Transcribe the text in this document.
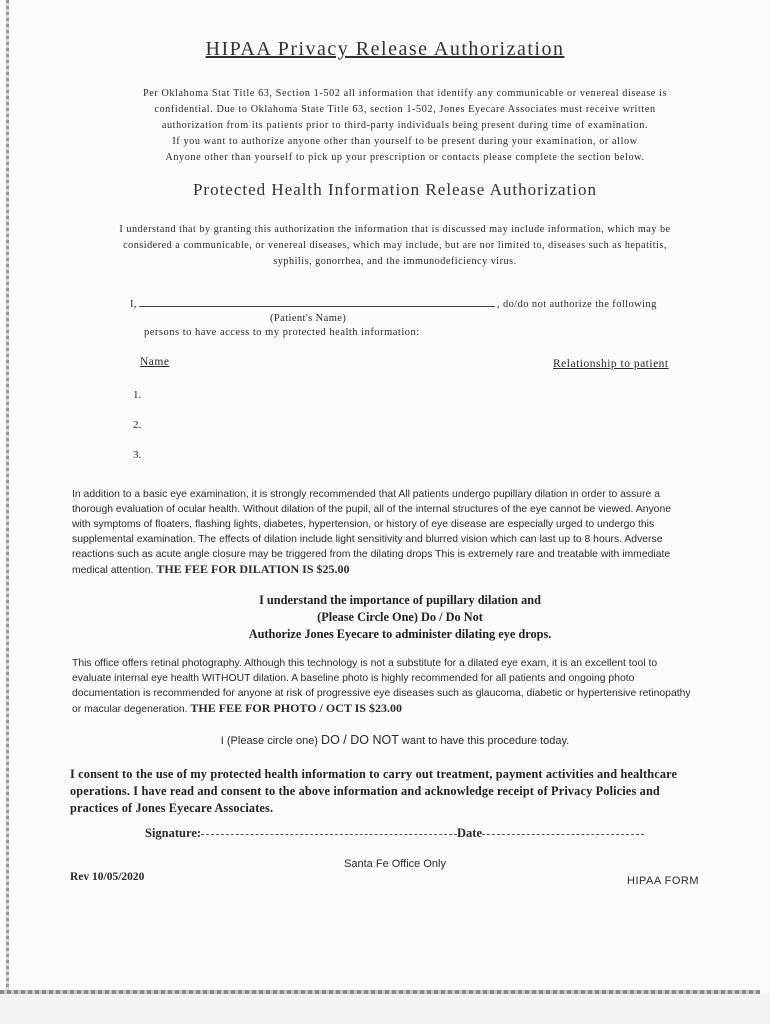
HIPAA Privacy Release Authorization
Per Oklahoma Stat Title 63, Section 1-502 all information that identify any communicable or venereal disease is
confidential. Due to Oklahoma State Title 63, section 1-502, Jones Eyecare Associates must receive written
authorization from its patients prior to third-party individuals being present during time of examination.
If you want to authorize anyone other than yourself to be present during your examination, or allow
Anyone other than yourself to pick up your prescription or contacts please complete the section below.
Protected Health Information Release Authorization
I understand that by granting this authorization the information that is discussed may include information, which may be
considered a communicable, or venereal diseases, which may include, but are nor limited to, diseases such as hepatitis,
syphilis, gonorrhea, and the immunodeficiency virus.
I,	, do/do not authorize the following
(Patient's Name)
persons to have access to my protected health information:
Name	Relationship to patient
1.
2.
3.
In addition to a basic eye examination, it is strongly recommended that All patients undergo pupillary dilation in order to assure a
thorough evaluation of ocular health. Without dilation of the pupil, all of the internal structures of the eye cannot be viewed. Anyone
with symptoms of floaters, flashing lights, diabetes, hypertension, or history of eye disease are especially urged to undergo this
supplemental examination. The effects of dilation include light sensitivity and blurred vision which can last up to 8 hours. Adverse
reactions such as acute angle closure may be triggered from the dilating drops This is extremely rare and treatable with immediate
medical attention. THE FEE FOR DILATION IS $25.00
I understand the importance of pupillary dilation and
(Please Circle One) Do / Do Not
Authorize Jones Eyecare to administer dilating eye drops.
This office offers retinal photography. Although this technology is not a substitute for a dilated eye exam, it is an excellent tool to
evaluate internal eye health WITHOUT dilation. A baseline photo is highly recommended for all patients and ongoing photo
documentation is recommended for anyone at risk of progressive eye diseases such as glaucoma, diabetic or hypertensive retinopathy
or macular degeneration. THE FEE FOR PHOTO / OCT IS $23.00
I (Please circle one) DO / DO NOT want to have this procedure today.
I consent to the use of my protected health information to carry out treatment, payment activities and healthcare
operations. I have read and consent to the above information and acknowledge receipt of Privacy Policies and
practices of Jones Eyecare Associates.
Signature:	Date
Santa Fe Office Only
Rev 10/05/2020	HIPAA FORM
